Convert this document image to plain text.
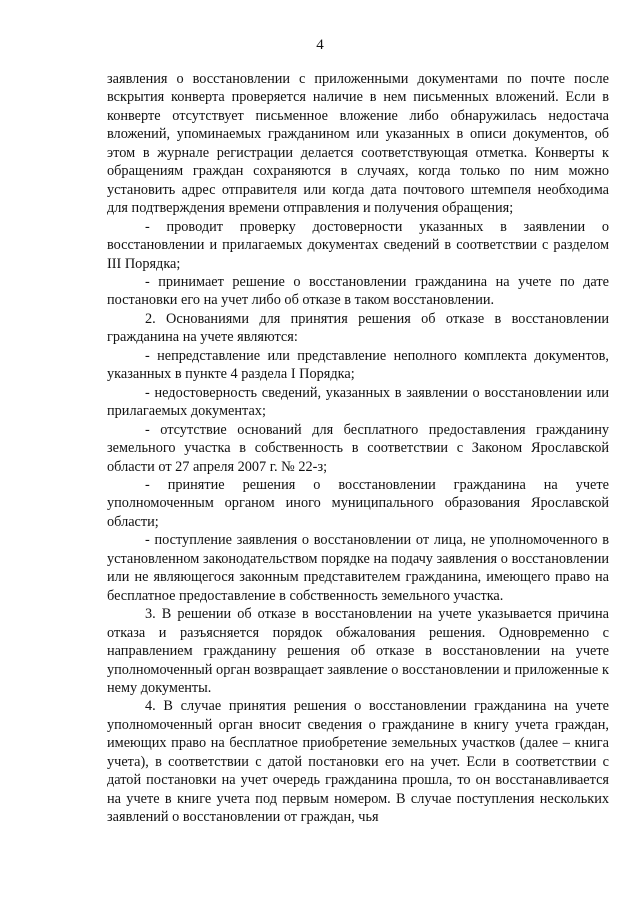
4

заявления о восстановлении с приложенными документами по почте после вскрытия конверта проверяется наличие в нем письменных вложений. Если в конверте отсутствует письменное вложение либо обнаружилась недостача вложений, упоминаемых гражданином или указанных в описи документов, об этом в журнале регистрации делается соответствующая отметка. Конверты к обращениям граждан сохраняются в случаях, когда только по ним можно установить адрес отправителя или когда дата почтового штемпеля необходима для подтверждения времени отправления и получения обращения;

- проводит проверку достоверности указанных в заявлении о восстановлении и прилагаемых документах сведений в соответствии с разделом III Порядка;

- принимает решение о восстановлении гражданина на учете по дате постановки его на учет либо об отказе в таком восстановлении.

2. Основаниями для принятия решения об отказе в восстановлении гражданина на учете являются:

- непредставление или представление неполного комплекта документов, указанных в пункте 4 раздела I Порядка;

- недостоверность сведений, указанных в заявлении о восстановлении или прилагаемых документах;

- отсутствие оснований для бесплатного предоставления гражданину земельного участка в собственность в соответствии с Законом Ярославской области от 27 апреля 2007 г. № 22-з;

- принятие решения о восстановлении гражданина на учете уполномоченным органом иного муниципального образования Ярославской области;

- поступление заявления о восстановлении от лица, не уполномоченного в установленном законодательством порядке на подачу заявления о восстановлении или не являющегося законным представителем гражданина, имеющего право на бесплатное предоставление в собственность земельного участка.

3. В решении об отказе в восстановлении на учете указывается причина отказа и разъясняется порядок обжалования решения. Одновременно с направлением гражданину решения об отказе в восстановлении на учете уполномоченный орган возвращает заявление о восстановлении и приложенные к нему документы.

4. В случае принятия решения о восстановлении гражданина на учете уполномоченный орган вносит сведения о гражданине в книгу учета граждан, имеющих право на бесплатное приобретение земельных участков (далее – книга учета), в соответствии с датой постановки его на учет. Если в соответствии с датой постановки на учет очередь гражданина прошла, то он восстанавливается на учете в книге учета под первым номером. В случае поступления нескольких заявлений о восстановлении от граждан, чья
